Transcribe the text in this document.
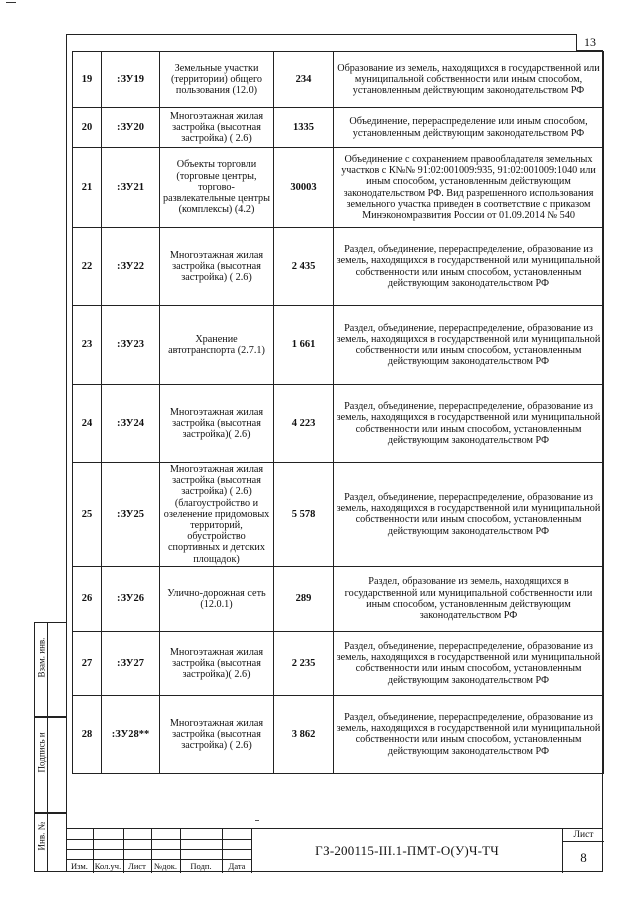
13
19	:ЗУ19	Земельные участки (территории) общего пользования (12.0)	234	Образование из земель, находящихся в государственной или муниципальной собственности или иным способом, установленным действующим законодательством РФ
20	:ЗУ20	Многоэтажная жилая застройка (высотная застройка) ( 2.6)	1335	Объединение, перераспределение или иным способом, установленным действующим законодательством РФ
21	:ЗУ21	Объекты торговли (торговые центры, торгово-развлекательные центры (комплексы) (4.2)	30003	Объединение с сохранением правообладателя земельных участков с К№№ 91:02:001009:935, 91:02:001009:1040 или иным способом, установленным действующим законодательством РФ. Вид разрешенного использования земельного участка приведен в соответствие с приказом Минэкономразвития России от 01.09.2014 № 540
22	:ЗУ22	Многоэтажная жилая застройка (высотная застройка) ( 2.6)	2 435	Раздел, объединение, перераспределение, образование из земель, находящихся в государственной или муниципальной собственности или иным способом, установленным действующим законодательством РФ
23	:ЗУ23	Хранение автотранспорта (2.7.1)	1 661	Раздел, объединение, перераспределение, образование из земель, находящихся в государственной или муниципальной собственности или иным способом, установленным действующим законодательством РФ
24	:ЗУ24	Многоэтажная жилая застройка (высотная застройка)( 2.6)	4 223	Раздел, объединение, перераспределение, образование из земель, находящихся в государственной или муниципальной собственности или иным способом, установленным действующим законодательством РФ
25	:ЗУ25	Многоэтажная жилая застройка (высотная застройка) ( 2.6) (благоустройство и озеленение придомовых территорий, обустройство спортивных и детских площадок)	5 578	Раздел, объединение, перераспределение, образование из земель, находящихся в государственной или муниципальной собственности или иным способом, установленным действующим законодательством РФ
26	:ЗУ26	Улично-дорожная сеть (12.0.1)	289	Раздел, образование из земель, находящихся в государственной или муниципальной собственности или иным способом, установленным действующим законодательством РФ
27	:ЗУ27	Многоэтажная жилая застройка (высотная застройка)( 2.6)	2 235	Раздел, объединение, перераспределение, образование из земель, находящихся в государственной или муниципальной собственности или иным способом, установленным действующим законодательством РФ
28	:ЗУ28**	Многоэтажная жилая застройка (высотная застройка) ( 2.6)	3 862	Раздел, объединение, перераспределение, образование из земель, находящихся в государственной или муниципальной собственности или иным способом, установленным действующим законодательством РФ
Взам. инв.
Подпись и
Инв. №
Изм. Кол.уч. Лист №док.	Подп.	Дата
ГЗ-200115-III.1-ПМТ-О(У)Ч-ТЧ
Лист
8
